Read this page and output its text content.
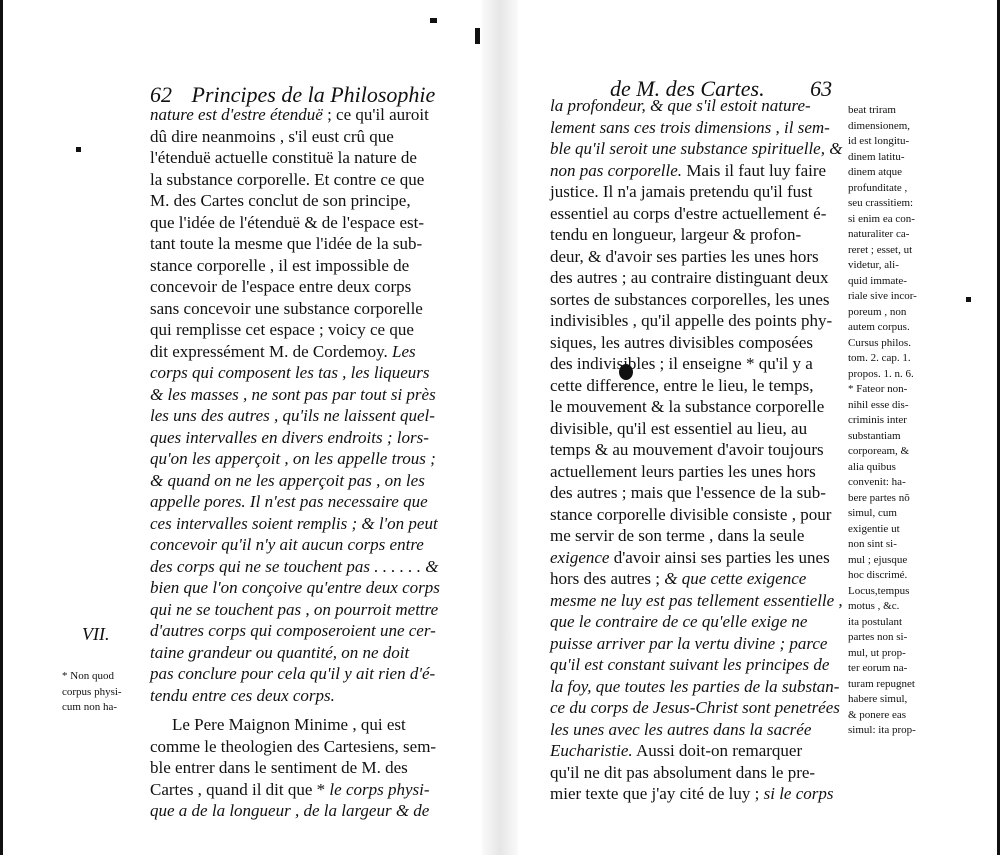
62 Principes de la Philosophie

nature est d'estre étenduë ; ce qu'il auroit

dû dire neanmoins , s'il eust crû que

l'étenduë actuelle constituë la nature de

la substance corporelle. Et contre ce que

M. des Cartes conclut de son principe,

que l'idée de l'étenduë & de l'espace est-

tant toute la mesme que l'idée de la sub-

stance corporelle , il est impossible de

concevoir de l'espace entre deux corps

sans concevoir une substance corporelle

qui remplisse cet espace ; voicy ce que

dit expressément M. de Cordemoy. Les

corps qui composent les tas , les liqueurs

& les masses , ne sont pas par tout si près

les uns des autres , qu'ils ne laissent quel-

ques intervalles en divers endroits ; lors-

qu'on les apperçoit , on les appelle trous ;

& quand on ne les apperçoit pas , on les

appelle pores. Il n'est pas necessaire que

ces intervalles soient remplis ; & l'on peut

concevoir qu'il n'y ait aucun corps entre

des corps qui ne se touchent pas . . . . . . &

bien que l'on conçoive qu'entre deux corps

qui ne se touchent pas , on pourroit mettre

d'autres corps qui composeroient une cer-

taine grandeur ou quantité, on ne doit

pas conclure pour cela qu'il y ait rien d'é-

tendu entre ces deux corps.

Le Pere Maignon Minime , qui est

comme le theologien des Cartesiens, sem-

ble entrer dans le sentiment de M. des

Cartes , quand il dit que * le corps physi-

que a de la longueur , de la largeur & de

VII.

* Non quod

corpus physi-

cum non ha-

de M. des Cartes. 63

la profondeur, & que s'il estoit nature-

lement sans ces trois dimensions , il sem-

ble qu'il seroit une substance spirituelle, &

non pas corporelle. Mais il faut luy faire

justice. Il n'a jamais pretendu qu'il fust

essentiel au corps d'estre actuellement é-

tendu en longueur, largeur & profon-

deur, & d'avoir ses parties les unes hors

des autres ; au contraire distinguant deux

sortes de substances corporelles, les unes

indivisibles , qu'il appelle des points phy-

siques, les autres divisibles composées

des indivisibles ; il enseigne * qu'il y a

cette difference, entre le lieu, le temps,

le mouvement & la substance corporelle

divisible, qu'il est essentiel au lieu, au

temps & au mouvement d'avoir toujours

actuellement leurs parties les unes hors

des autres ; mais que l'essence de la sub-

stance corporelle divisible consiste , pour

me servir de son terme , dans la seule

exigence d'avoir ainsi ses parties les unes

hors des autres ; & que cette exigence

mesme ne luy est pas tellement essentielle ,

que le contraire de ce qu'elle exige ne

puisse arriver par la vertu divine ; parce

qu'il est constant suivant les principes de

la foy, que toutes les parties de la substan-

ce du corps de Jesus-Christ sont penetrées

les unes avec les autres dans la sacrée

Eucharistie. Aussi doit-on remarquer

qu'il ne dit pas absolument dans le pre-

mier texte que j'ay cité de luy ; si le corps

beat triram

dimensionem,

id est longitu-

dinem latitu-

dinem atque

profunditate ,

seu crassitiem:

si enim ea con-

naturaliter ca-

reret ; esset, ut

videtur, ali-

quid immate-

riale sive incor-

poreum , non

autem corpus.

Cursus philos.

tom. 2. cap. 1.

propos. 1. n. 6.

* Fateor non-

nihil esse dis-

criminis inter

substantiam

corpoream, &

alia quibus

convenit: ha-

bere partes nõ

simul, cum

exigentie ut

non sint si-

mul ; ejusque

hoc discrimé.

Locus,tempus

motus , &c.

ita postulant

partes non si-

mul, ut prop-

ter eorum na-

turam repugnet

habere simul,

& ponere eas

simul: ita prop-
